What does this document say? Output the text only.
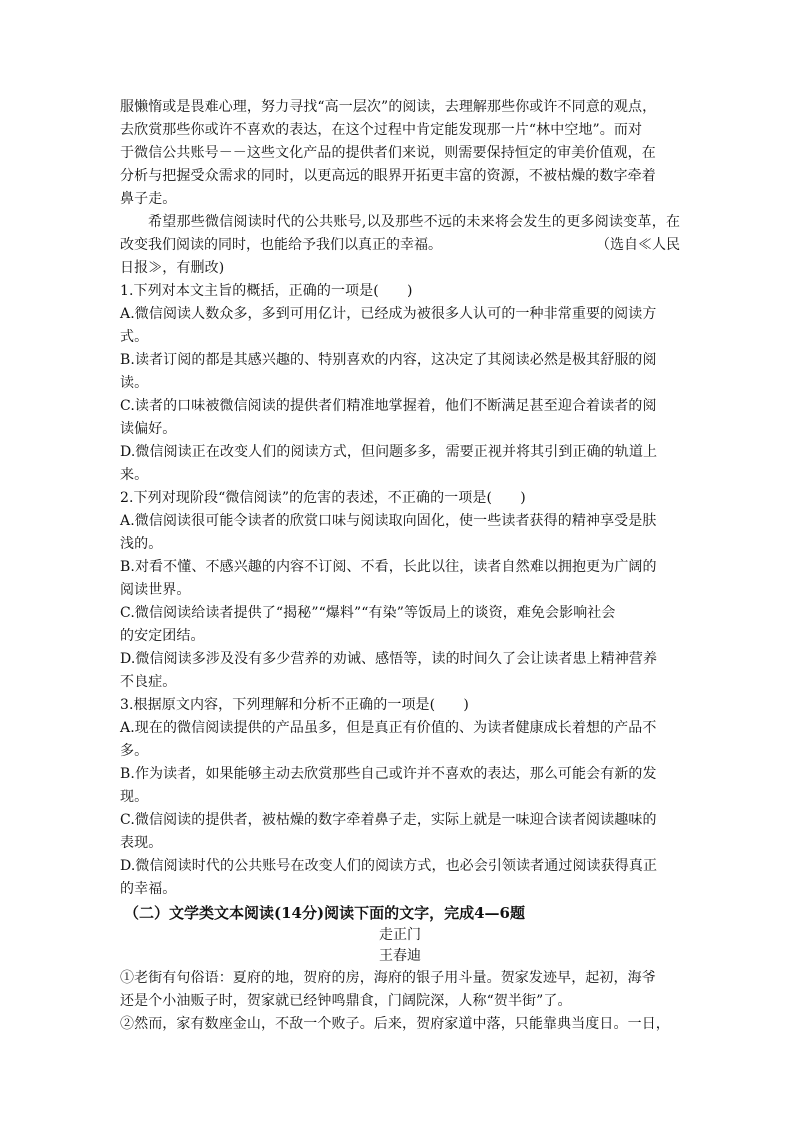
服懒惰或是畏难心理，努力寻找“高一层次”的阅读，去理解那些你或许不同意的观点，
去欣赏那些你或许不喜欢的表达，在这个过程中肯定能发现那一片“林中空地”。而对
于微信公共账号－－这些文化产品的提供者们来说，则需要保持恒定的审美价值观，在
分析与把握受众需求的同时，以更高远的眼界开拓更丰富的资源，不被枯燥的数字牵着
鼻子走。
希望那些微信阅读时代的公共账号,以及那些不远的未来将会发生的更多阅读变革，在改变我们阅读的同时，也能给予我们以真正的幸福。	（选自≪人民
日报≫，有删改)
1.下列对本文主旨的概括，正确的一项是(　　)
A.微信阅读人数众多，多到可用亿计，已经成为被很多人认可的一种非常重要的阅读方
式。
B.读者订阅的都是其感兴趣的、特别喜欢的内容，这决定了其阅读必然是极其舒服的阅
读。
C.读者的口味被微信阅读的提供者们精准地掌握着，他们不断满足甚至迎合着读者的阅
读偏好。
D.微信阅读正在改变人们的阅读方式，但问题多多，需要正视并将其引到正确的轨道上
来。
2.下列对现阶段“微信阅读”的危害的表述，不正确的一项是(　　)
A.微信阅读很可能令读者的欣赏口味与阅读取向固化，使一些读者获得的精神享受是肤
浅的。
B.对看不懂、不感兴趣的内容不订阅、不看，长此以往，读者自然难以拥抱更为广阔的
阅读世界。
C.微信阅读给读者提供了“揭秘”“爆料”“有染”等饭局上的谈资，难免会影响社会
的安定团结。
D.微信阅读多涉及没有多少营养的劝诫、感悟等，读的时间久了会让读者患上精神营养
不良症。
3.根据原文内容，下列理解和分析不正确的一项是(　　)
A.现在的微信阅读提供的产品虽多，但是真正有价值的、为读者健康成长着想的产品不
多。
B.作为读者，如果能够主动去欣赏那些自己或许并不喜欢的表达，那么可能会有新的发
现。
C.微信阅读的提供者，被枯燥的数字牵着鼻子走，实际上就是一味迎合读者阅读趣味的
表现。
D.微信阅读时代的公共账号在改变人们的阅读方式，也必会引领读者通过阅读获得真正
的幸福。
（二）文学类文本阅读(14分)阅读下面的文字，完成4—6题
走正门
王春迪
①老街有句俗语：夏府的地，贺府的房，海府的银子用斗量。贺家发迹早，起初，海爷
还是个小油贩子时，贺家就已经钟鸣鼎食，门阔院深，人称“贺半街”了。
②然而，家有数座金山，不敌一个败子。后来，贺府家道中落，只能靠典当度日。一日，
